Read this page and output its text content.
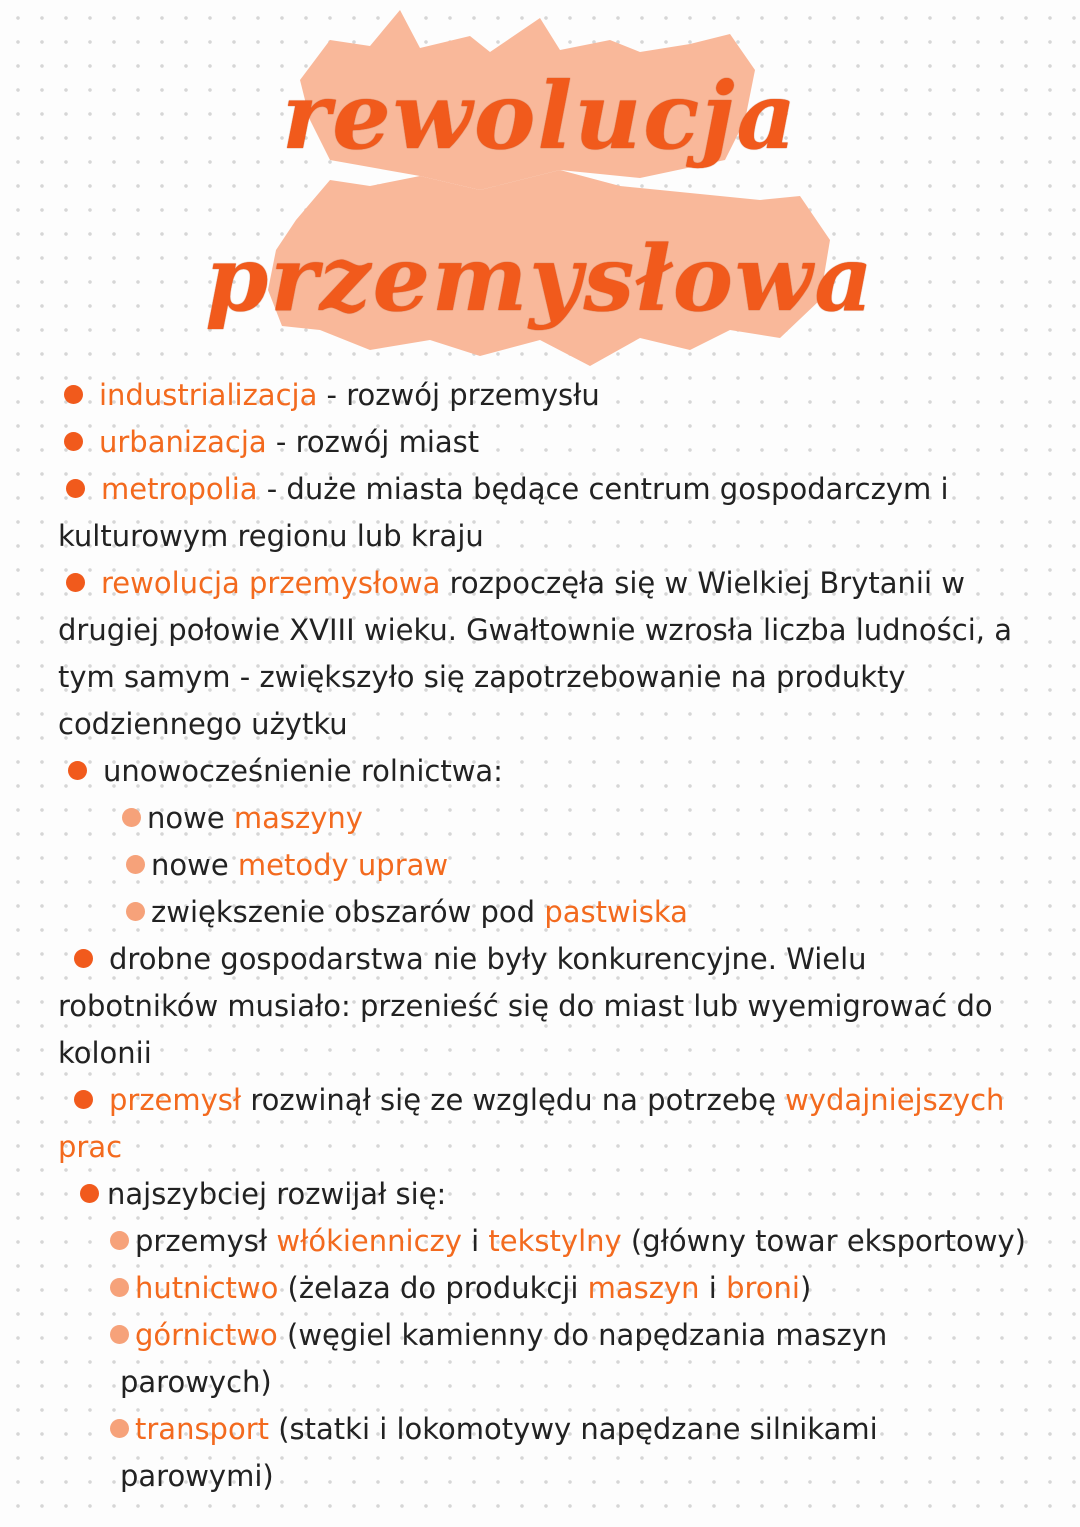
rewolucja
przemysłowa
industrializacja - rozwój przemysłu
urbanizacja - rozwój miast
metropolia - duże miasta będące centrum gospodarczym i
kulturowym regionu lub kraju
rewolucja przemysłowa rozpoczęła się w Wielkiej Brytanii w
drugiej połowie XVIII wieku. Gwałtownie wzrosła liczba ludności, a
tym samym - zwiększyło się zapotrzebowanie na produkty
codziennego użytku
unowocześnienie rolnictwa:
nowe maszyny
nowe metody upraw
zwiększenie obszarów pod pastwiska
drobne gospodarstwa nie były konkurencyjne. Wielu
robotników musiało: przenieść się do miast lub wyemigrować do
kolonii
przemysł rozwinął się ze względu na potrzebę wydajniejszych
prac
najszybciej rozwijał się:
przemysł włókienniczy i tekstylny (główny towar eksportowy)
hutnictwo (żelaza do produkcji maszyn i broni)
górnictwo (węgiel kamienny do napędzania maszyn
parowych)
transport (statki i lokomotywy napędzane silnikami
parowymi)
